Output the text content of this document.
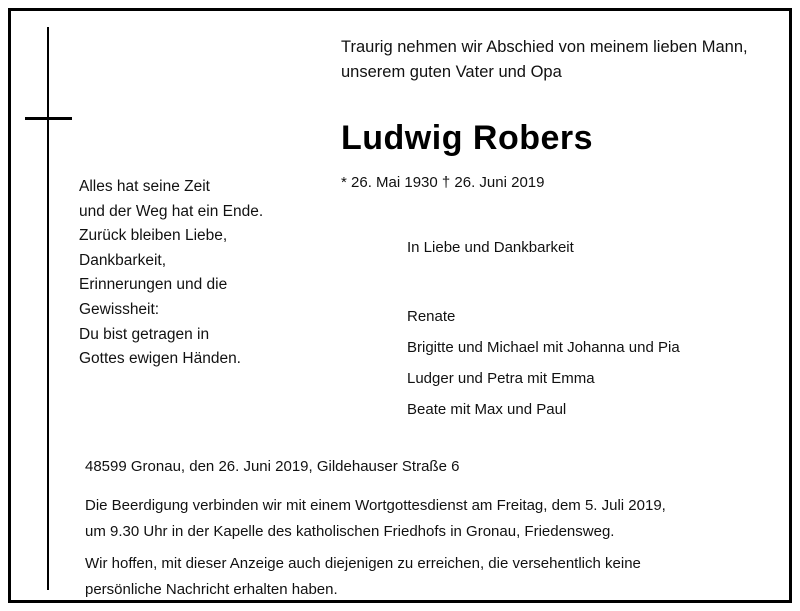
Traurig nehmen wir Abschied von meinem lieben Mann,
unserem guten Vater und Opa
Ludwig Robers
* 26. Mai 1930 † 26. Juni 2019
Alles hat seine Zeit
und der Weg hat ein Ende.
Zurück bleiben Liebe,
Dankbarkeit,
Erinnerungen und die
Gewissheit:
Du bist getragen in
Gottes ewigen Händen.
In Liebe und Dankbarkeit
Renate
Brigitte und Michael mit Johanna und Pia
Ludger und Petra mit Emma
Beate mit Max und Paul
48599 Gronau, den 26. Juni 2019, Gildehauser Straße 6
Die Beerdigung verbinden wir mit einem Wortgottesdienst am Freitag, dem 5. Juli 2019,
um 9.30 Uhr in der Kapelle des katholischen Friedhofs in Gronau, Friedensweg.
Wir hoffen, mit dieser Anzeige auch diejenigen zu erreichen, die versehentlich keine
persönliche Nachricht erhalten haben.
